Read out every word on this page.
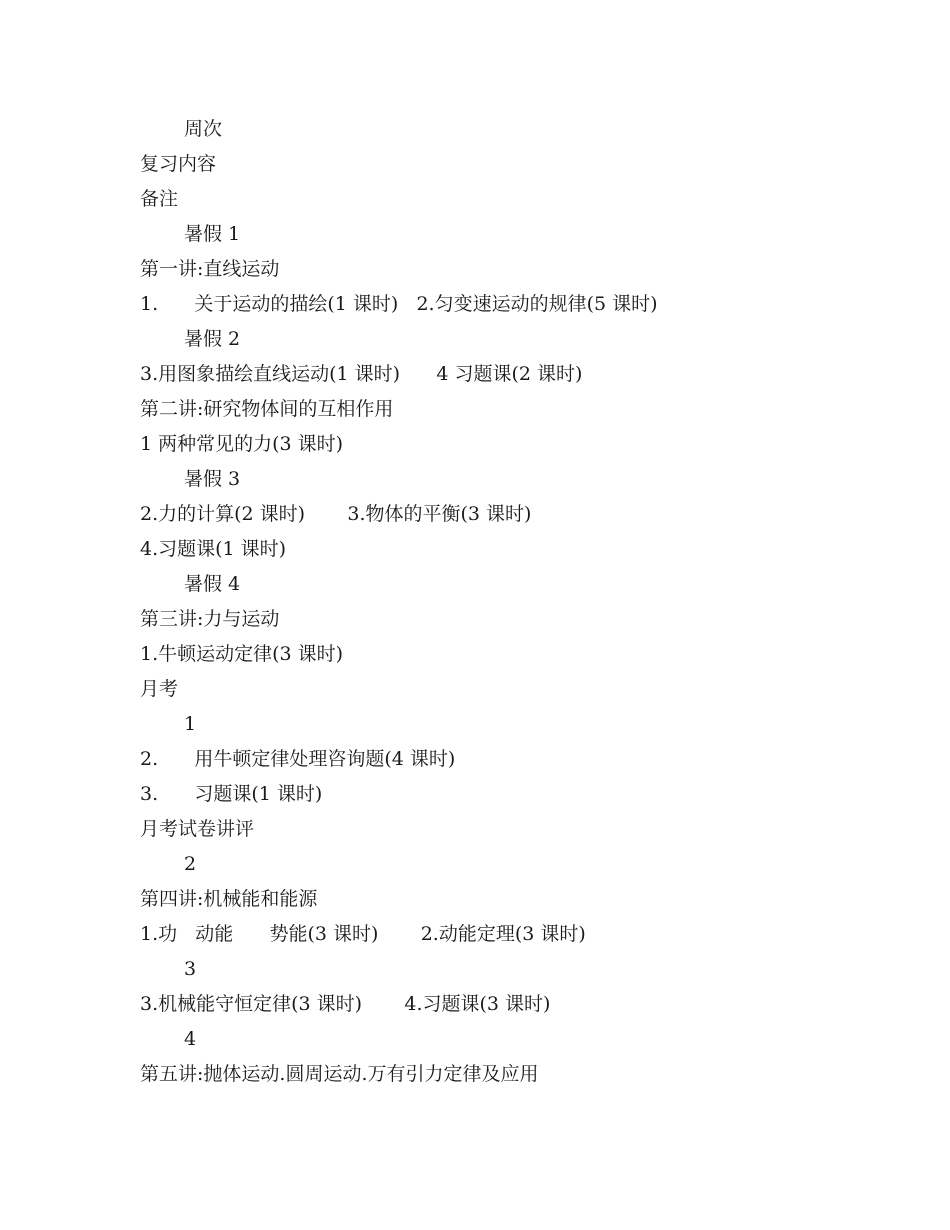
周次
复习内容
备注
暑假 1
第一讲:直线运动
1.      关于运动的描绘(1 课时)   2.匀变速运动的规律(5 课时)
暑假 2
3.用图象描绘直线运动(1 课时)      4 习题课(2 课时)
第二讲:研究物体间的互相作用
1 两种常见的力(3 课时)
暑假 3
2.力的计算(2 课时)       3.物体的平衡(3 课时)
4.习题课(1 课时)
暑假 4
第三讲:力与运动
1.牛顿运动定律(3 课时)
月考
1
2.      用牛顿定律处理咨询题(4 课时)
3.      习题课(1 课时)
月考试卷讲评
2
第四讲:机械能和能源
1.功   动能      势能(3 课时)       2.动能定理(3 课时)
3
3.机械能守恒定律(3 课时)       4.习题课(3 课时)
4
第五讲:抛体运动.圆周运动.万有引力定律及应用
